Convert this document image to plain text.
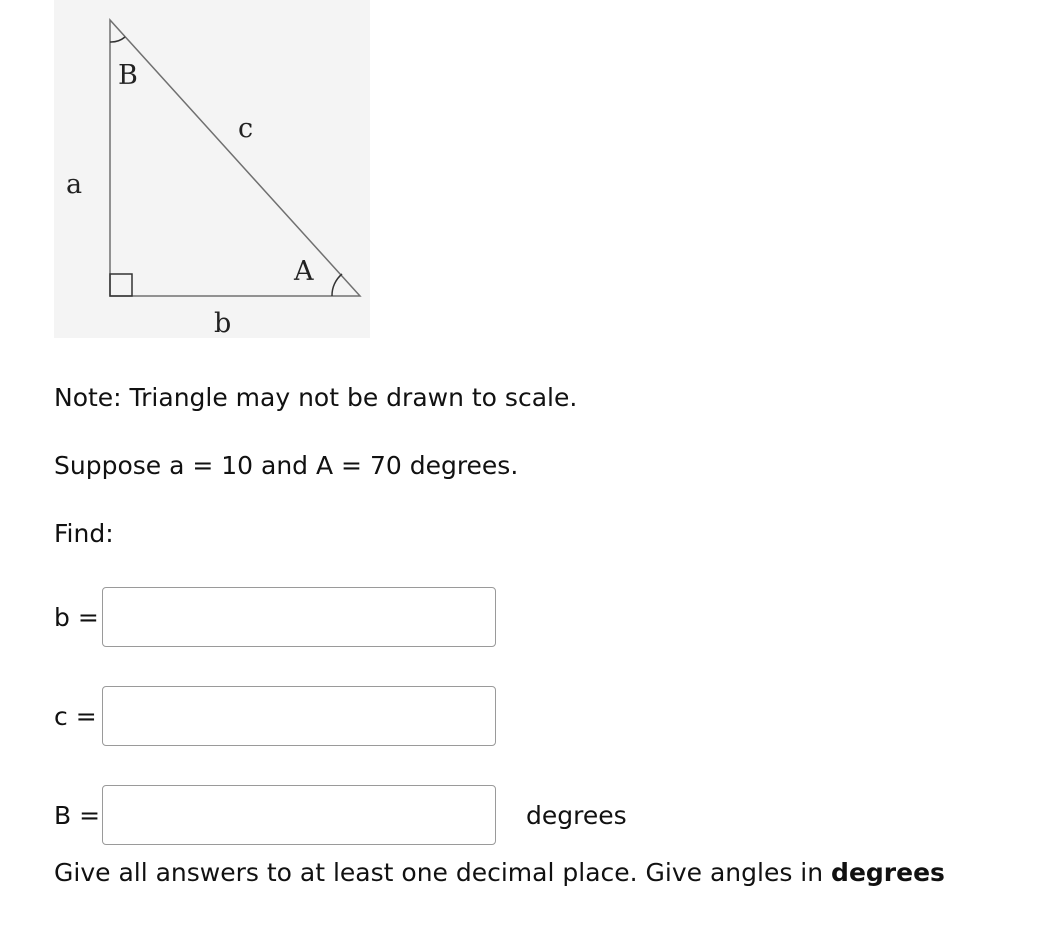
B
c
a
A
b
Note: Triangle may not be drawn to scale.
Suppose a = 10 and A = 70 degrees.
Find:
b =
c =
B =	degrees
Give all answers to at least one decimal place. Give angles in degrees
